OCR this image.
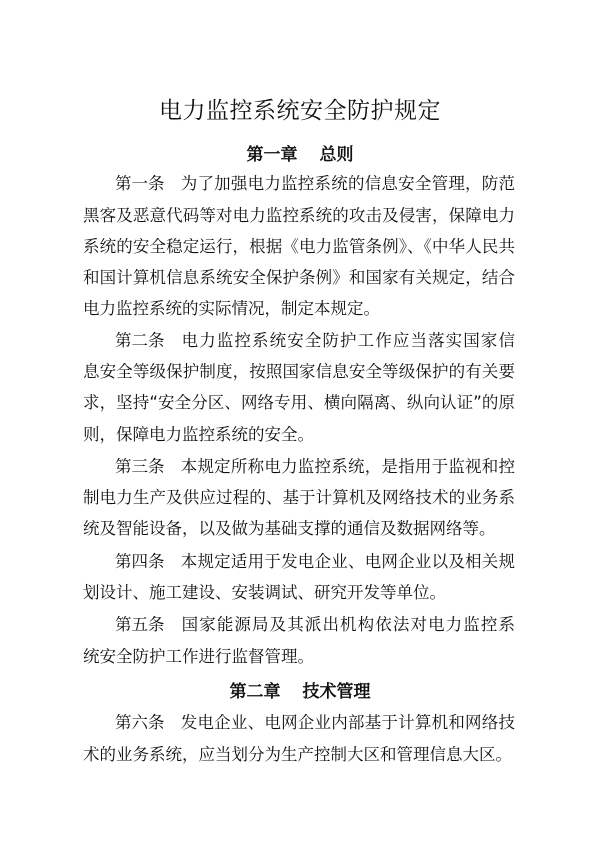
电力监控系统安全防护规定
第一章 总则

第一条 为了加强电力监控系统的信息安全管理，防范

黑客及恶意代码等对电力监控系统的攻击及侵害，保障电力

系统的安全稳定运行，根据《电力监管条例》、《中华人民共

和国计算机信息系统安全保护条例》和国家有关规定，结合

电力监控系统的实际情况，制定本规定。

第二条 电力监控系统安全防护工作应当落实国家信

息安全等级保护制度，按照国家信息安全等级保护的有关要

求，坚持“安全分区、网络专用、横向隔离、纵向认证”的原

则，保障电力监控系统的安全。

第三条 本规定所称电力监控系统，是指用于监视和控

制电力生产及供应过程的、基于计算机及网络技术的业务系

统及智能设备，以及做为基础支撑的通信及数据网络等。

第四条 本规定适用于发电企业、电网企业以及相关规

划设计、施工建设、安装调试、研究开发等单位。

第五条 国家能源局及其派出机构依法对电力监控系

统安全防护工作进行监督管理。

第二章 技术管理

第六条 发电企业、电网企业内部基于计算机和网络技

术的业务系统，应当划分为生产控制大区和管理信息大区。
